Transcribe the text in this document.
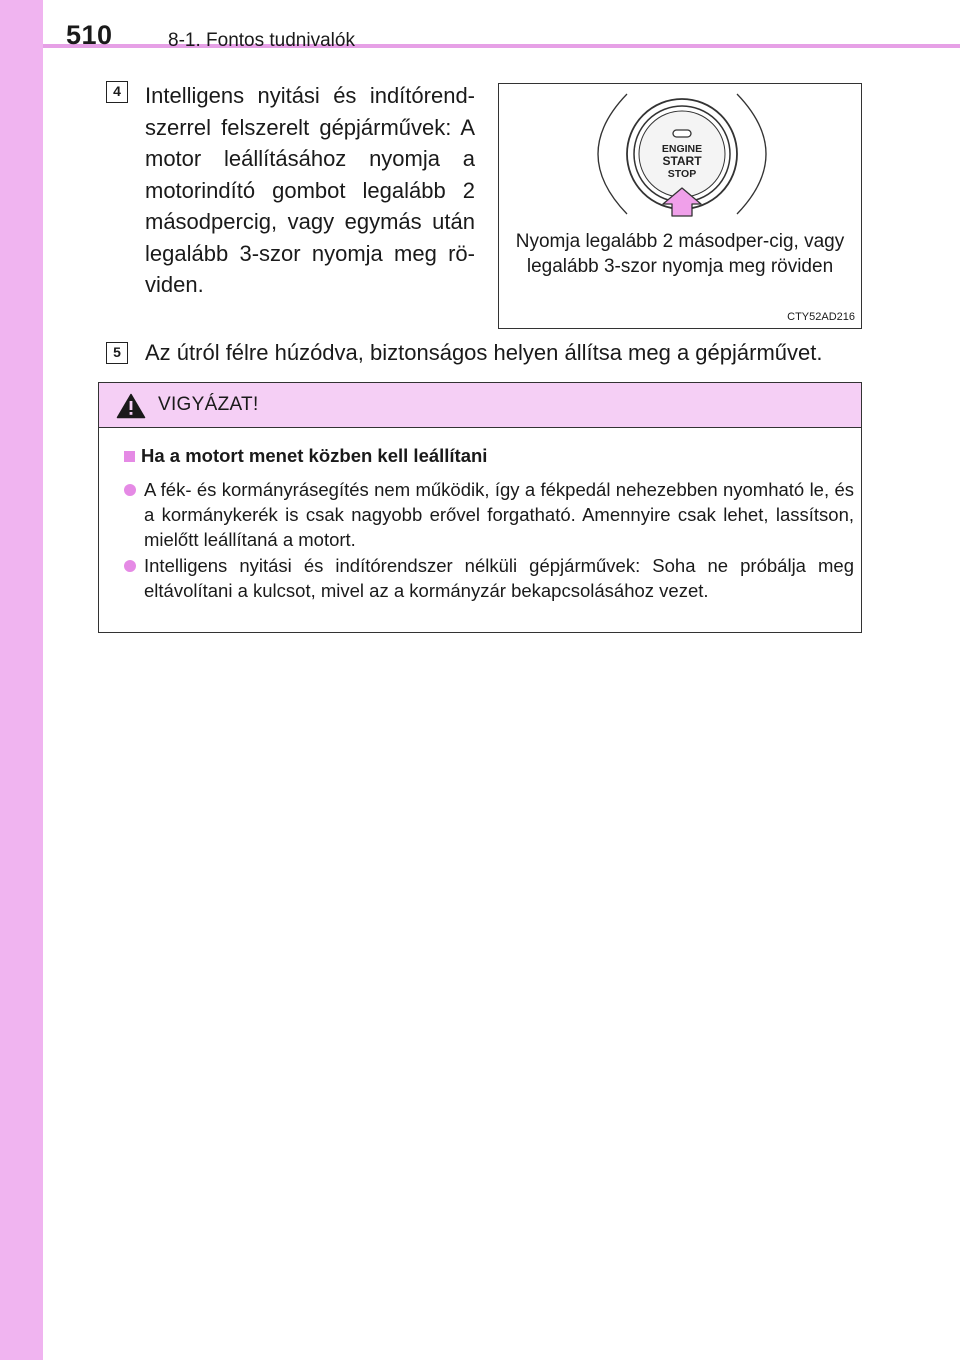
510	8-1. Fontos tudnivalók
4	Intelligens nyitási és indítórend-szerrel felszerelt gépjárművek: A motor leállításához nyomja a motorindító gombot legalább 2 másodpercig, vagy egymás után legalább 3-szor nyomja meg rö-viden.
ENGINE
START
STOP
Nyomja legalább 2 másodper-cig, vagy legalább 3-szor nyomja meg röviden
CTY52AD216
5	Az útról félre húzódva, biztonságos helyen állítsa meg a gépjárművet.
VIGYÁZAT!
Ha a motort menet közben kell leállítani
A fék- és kormányrásegítés nem működik, így a fékpedál nehezebben nyomható le, és a kormánykerék is csak nagyobb erővel forgatható. Amennyire csak lehet, lassítson, mielőtt leállítaná a motort.
Intelligens nyitási és indítórendszer nélküli gépjárművek: Soha ne próbálja meg eltávolítani a kulcsot, mivel az a kormányzár bekapcsolásához vezet.
